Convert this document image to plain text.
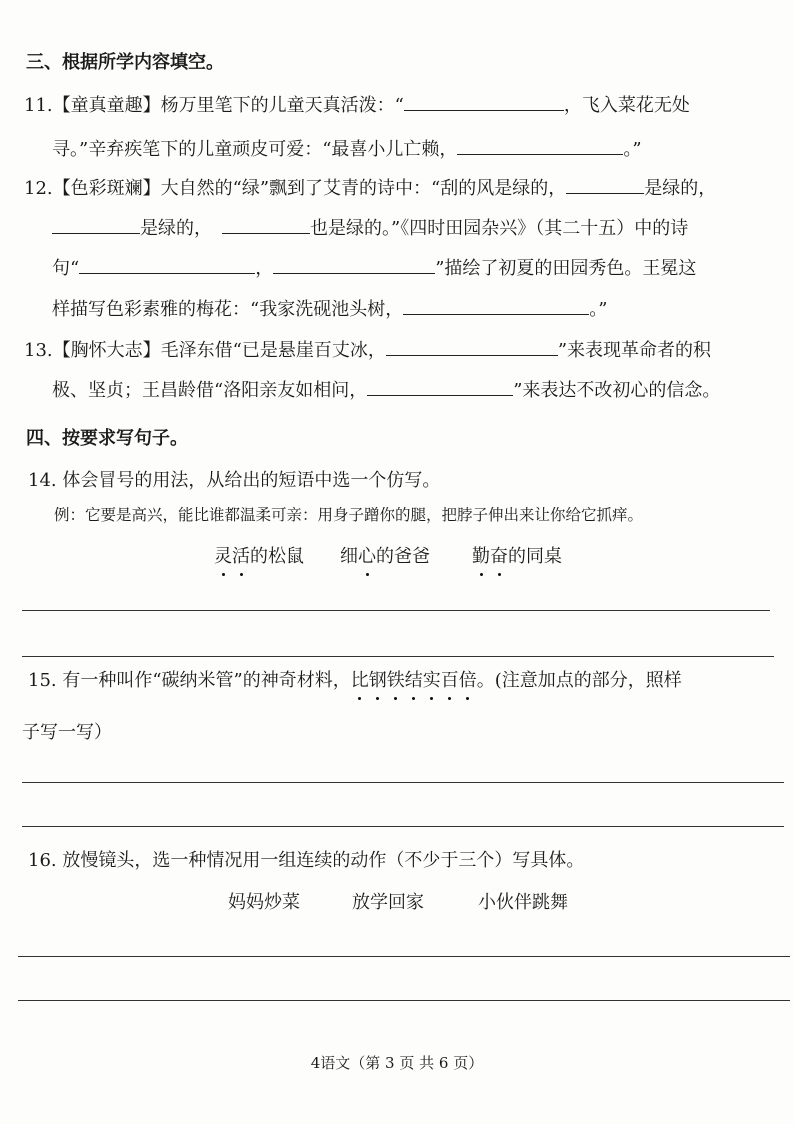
三、根据所学内容填空。
11.【童真童趣】杨万里笔下的儿童天真活泼：“	，飞入菜花无处
寻。”辛弃疾笔下的儿童顽皮可爱：“最喜小儿亡赖，	。”
12.【色彩斑斓】大自然的“绿”飘到了艾青的诗中：“刮的风是绿的，	是绿的，
是绿的，	也是绿的。”《四时田园杂兴》（其二十五）中的诗
句“	，	”描绘了初夏的田园秀色。王冕这
样描写色彩素雅的梅花：“我家洗砚池头树，	。”
13.【胸怀大志】毛泽东借“已是悬崖百丈冰，	”来表现革命者的积
极、坚贞；王昌龄借“洛阳亲友如相问，	”来表达不改初心的信念。
四、按要求写句子。
14. 体会冒号的用法，从给出的短语中选一个仿写。
例：它要是高兴，能比谁都温柔可亲：用身子蹭你的腿，把脖子伸出来让你给它抓痒。
灵活的松鼠 细心的爸爸 勤奋的同桌
15. 有一种叫作“碳纳米管”的神奇材料，比钢铁结实百倍。(注意加点的部分，照样
子写一写）
16. 放慢镜头，选一种情况用一组连续的动作（不少于三个）写具体。
妈妈炒菜	放学回家	小伙伴跳舞
4语文（第 3 页 共 6 页）
